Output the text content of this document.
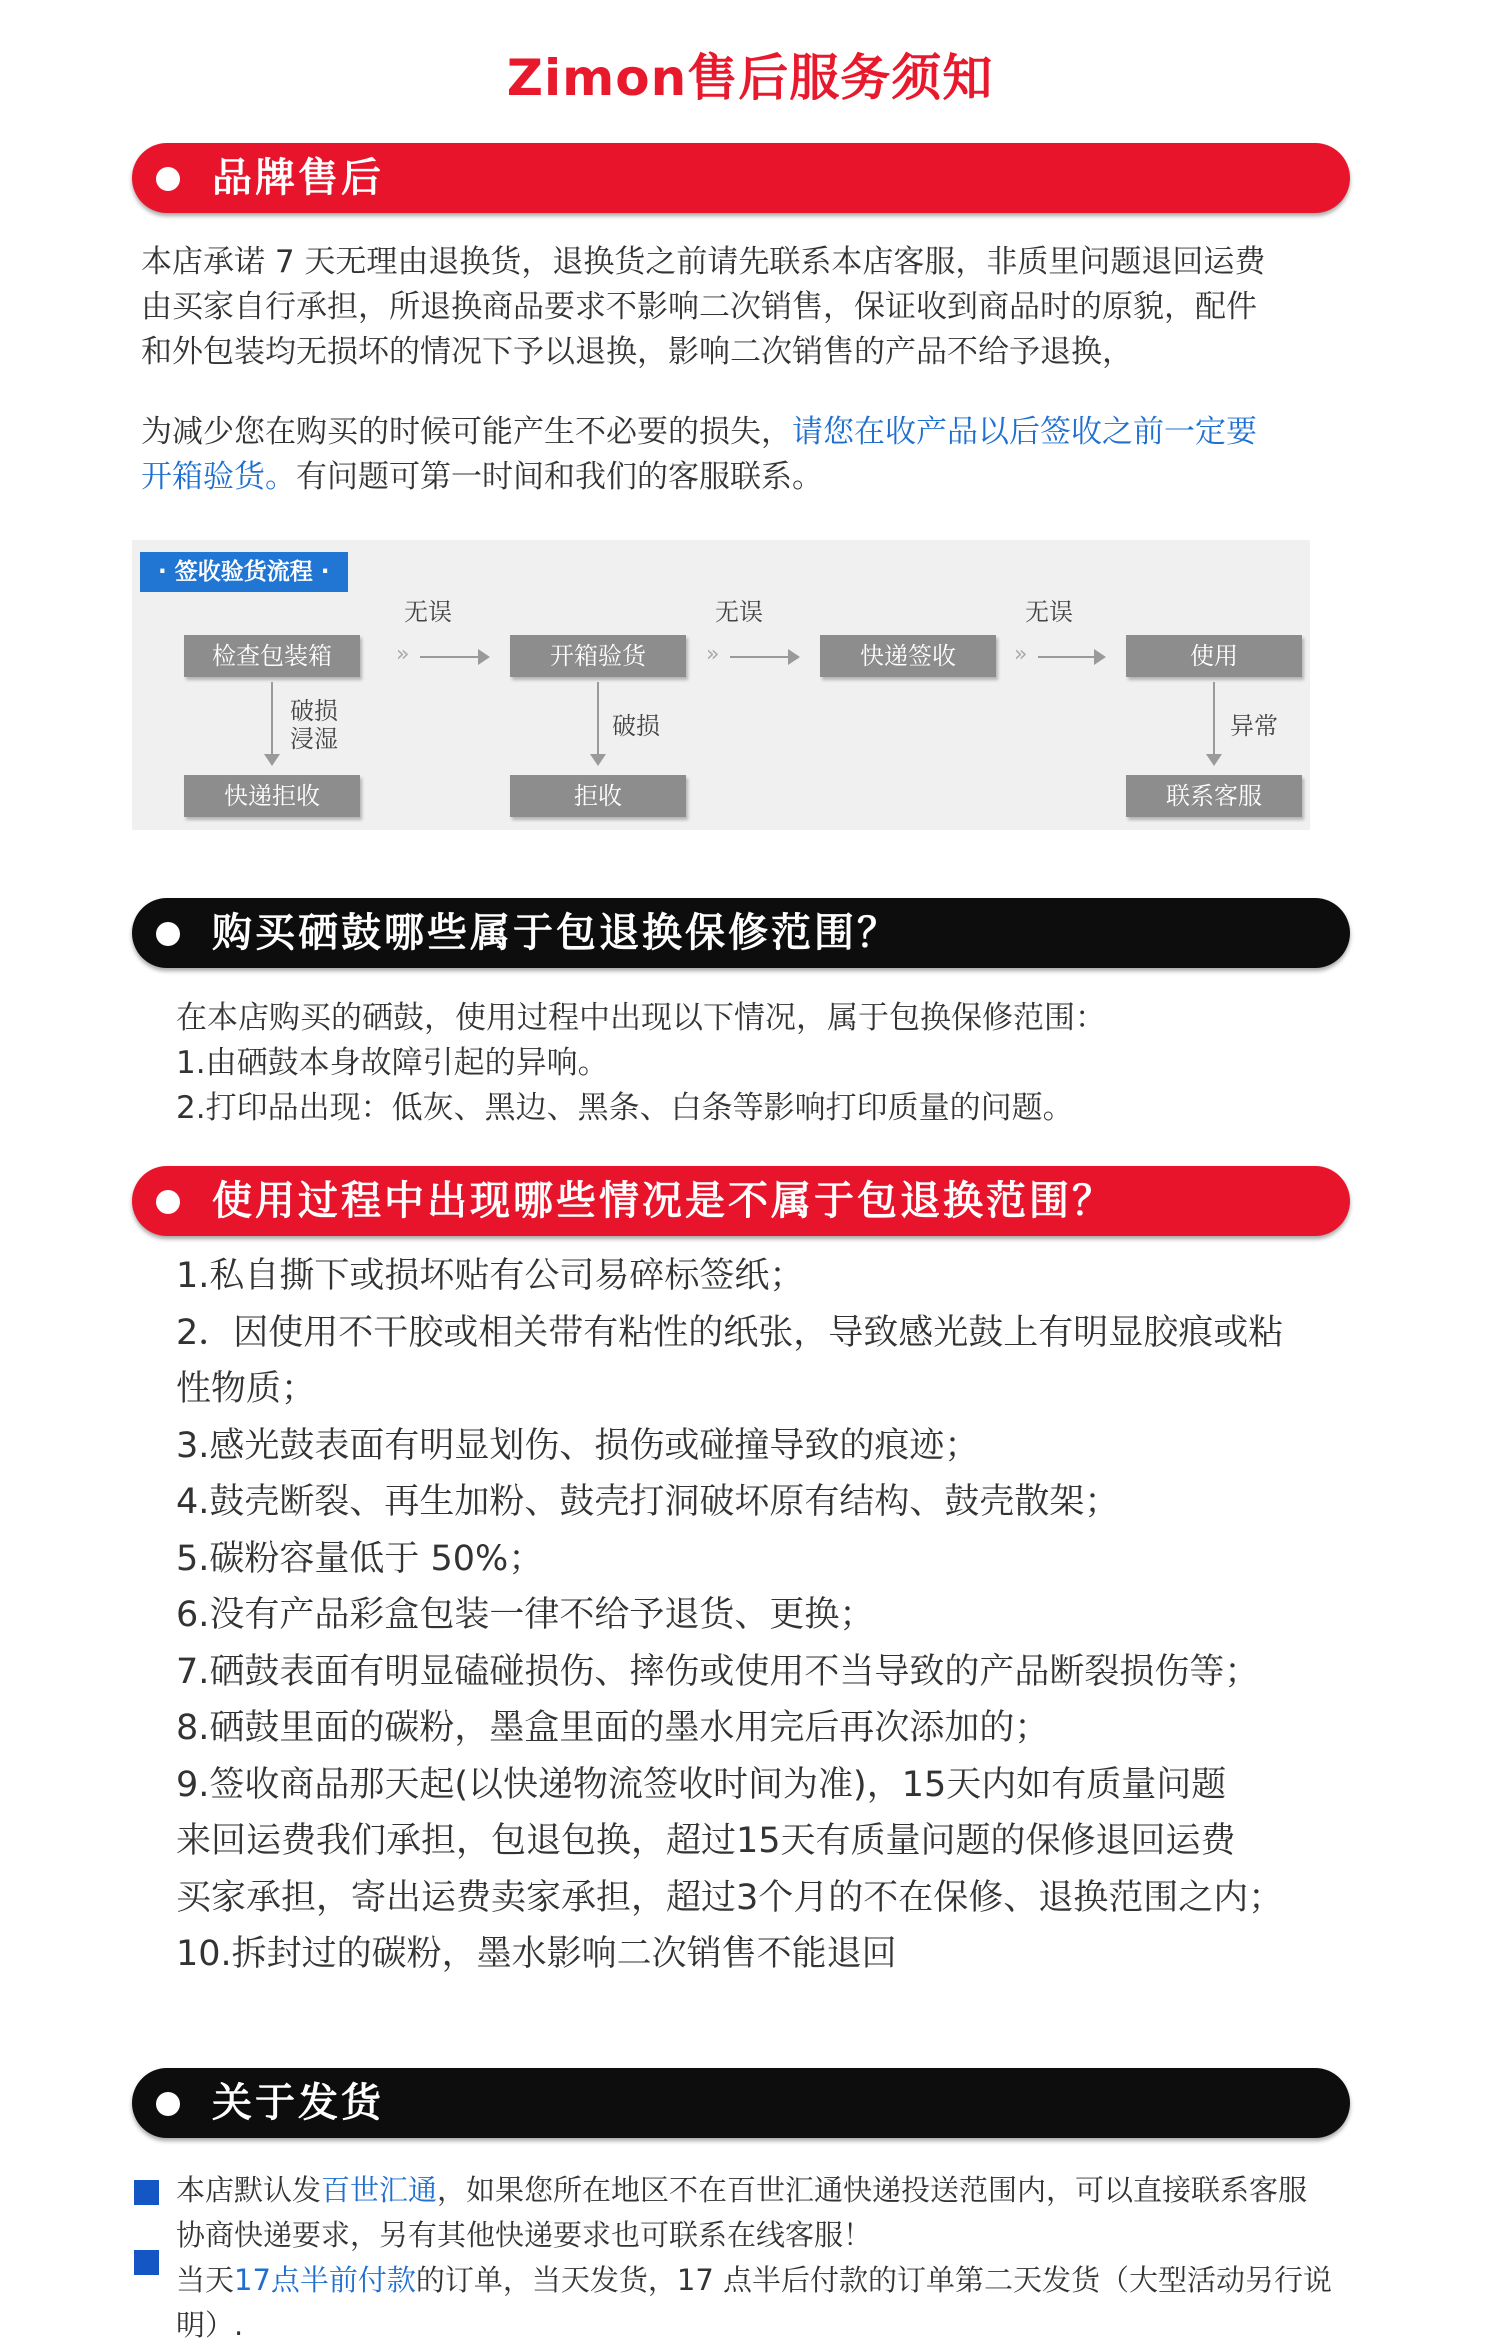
Zimon售后服务须知
品牌售后

本店承诺 7 天无理由退换货，退换货之前请先联系本店客服，非质里问题退回运费

由买家自行承担，所退换商品要求不影响二次销售，保证收到商品时的原貌，配件

和外包装均无损坏的情况下予以退换，影响二次销售的产品不给予退换，

为减少您在购买的时候可能产生不必要的损失，请您在收产品以后签收之前一定要

开箱验货。有问题可第一时间和我们的客服联系。

· 签收验货流程 ·
检查包装箱	开箱验货	快递签收	使用
快递拒收	拒收	联系客服
无误
»
无误
»
无误
»
破损
浸湿	破损	异常
购买硒鼓哪些属于包退换保修范围？

在本店购买的硒鼓，使用过程中出现以下情况，属于包换保修范围：

1.由硒鼓本身故障引起的异响。

2.打印品出现：低灰、黑边、黑条、白条等影响打印质量的问题。

使用过程中出现哪些情况是不属于包退换范围？

1.私自撕下或损坏贴有公司易碎标签纸；

2．因使用不干胶或相关带有粘性的纸张，导致感光鼓上有明显胶痕或粘

性物质；

3.感光鼓表面有明显划伤、损伤或碰撞导致的痕迹；

4.鼓壳断裂、再生加粉、鼓壳打洞破坏原有结构、鼓壳散架；

5.碳粉容量低于 50%；

6.没有产品彩盒包装一律不给予退货、更换；

7.硒鼓表面有明显磕碰损伤、摔伤或使用不当导致的产品断裂损伤等；

8.硒鼓里面的碳粉，墨盒里面的墨水用完后再次添加的；

9.签收商品那天起(以快递物流签收时间为准)，15天内如有质量问题

来回运费我们承担，包退包换，超过15天有质量问题的保修退回运费

买家承担，寄出运费卖家承担，超过3个月的不在保修、退换范围之内；

10.拆封过的碳粉，墨水影响二次销售不能退回

关于发货

本店默认发百世汇通，如果您所在地区不在百世汇通快递投送范围内，可以直接联系客服

协商快递要求，另有其他快递要求也可联系在线客服！

当天17点半前付款的订单，当天发货，17 点半后付款的订单第二天发货（大型活动另行说明）.
